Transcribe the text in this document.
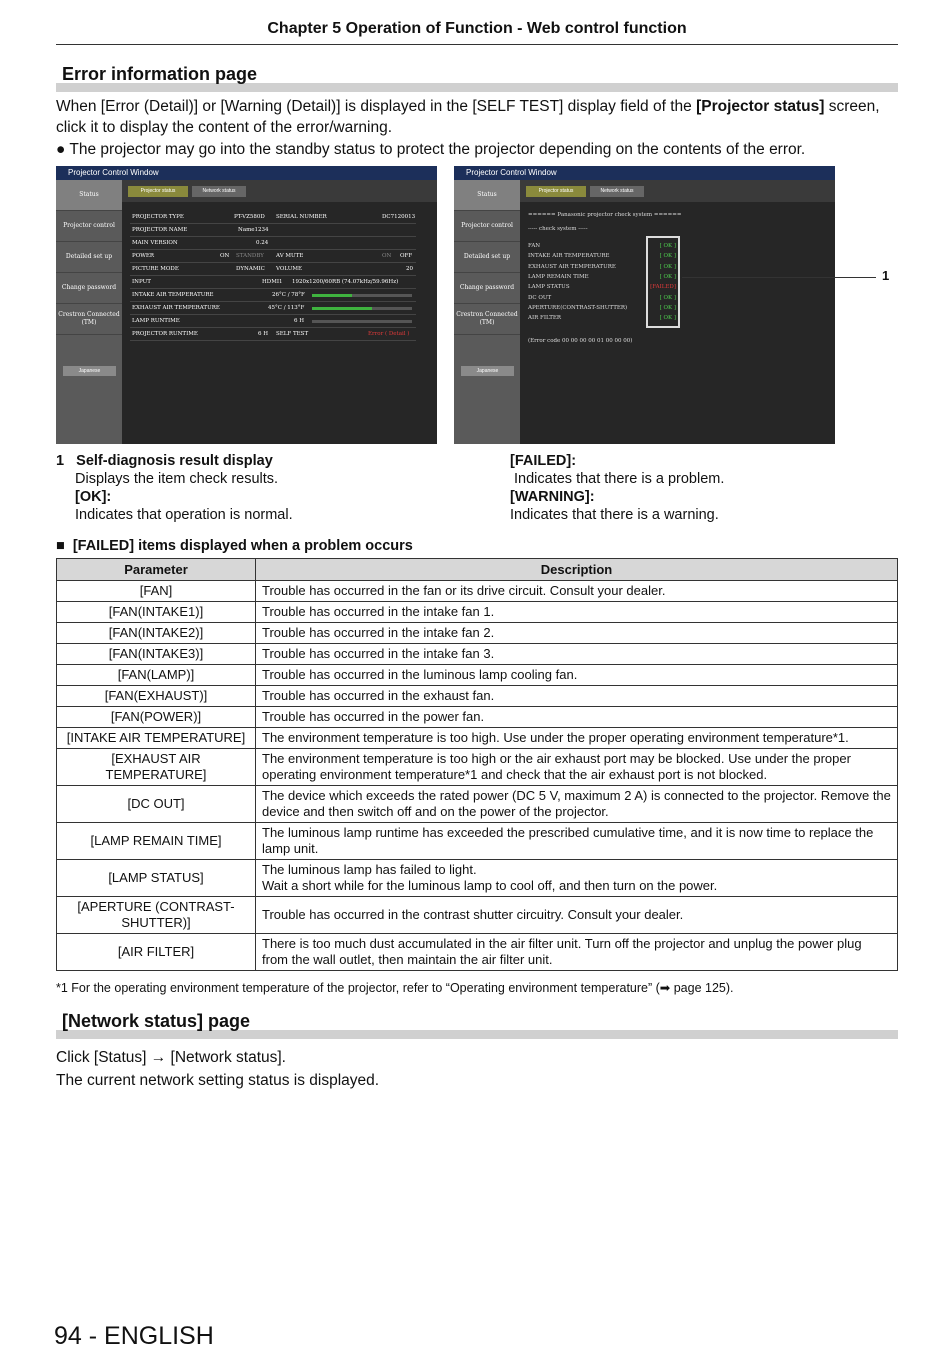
Chapter 5 Operation of Function - Web control function
Error information page
When [Error (Detail)] or [Warning (Detail)] is displayed in the [SELF TEST] display field of the [Projector status] screen, click it to display the content of the error/warning.
● The projector may go into the standby status to protect the projector depending on the contents of the error.
Projector Control Window
Status
Projector control
Detailed set up
Change password
Crestron Connected (TM)
Japanese
Projector status	Network status
PROJECTOR TYPE	PT-VZ580D SERIAL NUMBER	DC7120013
PROJECTOR NAME	Name1234
MAIN VERSION	0.24
POWER	ON STANDBY AV MUTE	ON OFF
PICTURE MODE	DYNAMIC VOLUME	20
INPUT	HDMI1 1920x1200/60RB (74.07kHz/59.96Hz)
INTAKE AIR TEMPERATURE	26°C / 78°F
EXHAUST AIR TEMPERATURE	45°C / 113°F
LAMP RUNTIME	6 H
PROJECTOR RUNTIME	6 H SELF TEST	Error ( Detail )
Projector Control Window
Status
Projector control
Detailed set up
Change password
Crestron Connected (TM)
Japanese
Projector status	Network status
====== Panasonic projector check system ======
----- check system -----
FAN	[ OK ]
INTAKE AIR TEMPERATURE	[ OK ]
EXHAUST AIR TEMPERATURE	[ OK ]
LAMP REMAIN TIME	[ OK ]
LAMP STATUS	[FAILED]
DC OUT	[ OK ]
APERTURE(CONTRAST-SHUTTER)	[ OK ]
AIR FILTER	[ OK ]
(Error code 00 00 00 00 01 00 00 00)
1
1 Self-diagnosis result display
Displays the item check results.
[OK]:
Indicates that operation is normal.
[FAILED]:
Indicates that there is a problem.
[WARNING]:
Indicates that there is a warning.
■ [FAILED] items displayed when a problem occurs
Parameter	Description
[FAN]	Trouble has occurred in the fan or its drive circuit. Consult your dealer.

[FAN(INTAKE1)]	Trouble has occurred in the intake fan 1.

[FAN(INTAKE2)]	Trouble has occurred in the intake fan 2.

[FAN(INTAKE3)]	Trouble has occurred in the intake fan 3.

[FAN(LAMP)]	Trouble has occurred in the luminous lamp cooling fan.

[FAN(EXHAUST)]	Trouble has occurred in the exhaust fan.

[FAN(POWER)]	Trouble has occurred in the power fan.

[INTAKE AIR TEMPERATURE]	The environment temperature is too high. Use under the proper operating environment temperature*1.

[EXHAUST AIR TEMPERATURE]	The environment temperature is too high or the air exhaust port may be blocked. Use under the proper operating environment temperature*1 and check that the air exhaust port is not blocked.

[DC OUT]	The device which exceeds the rated power (DC 5 V, maximum 2 A) is connected to the projector. Remove the device and then switch off and on the power of the projector.

[LAMP REMAIN TIME]	The luminous lamp runtime has exceeded the prescribed cumulative time, and it is now time to replace the lamp unit.

[LAMP STATUS]	The luminous lamp has failed to light.
Wait a short while for the luminous lamp to cool off, and then turn on the power.

[APERTURE (CONTRAST-SHUTTER)]	Trouble has occurred in the contrast shutter circuitry. Consult your dealer.

[AIR FILTER]	There is too much dust accumulated in the air filter unit. Turn off the projector and unplug the power plug from the wall outlet, then maintain the air filter unit.
*1 For the operating environment temperature of the projector, refer to “Operating environment temperature” (➡ page 125).
[Network status] page
Click [Status] → [Network status].
The current network setting status is displayed.
94 - ENGLISH
